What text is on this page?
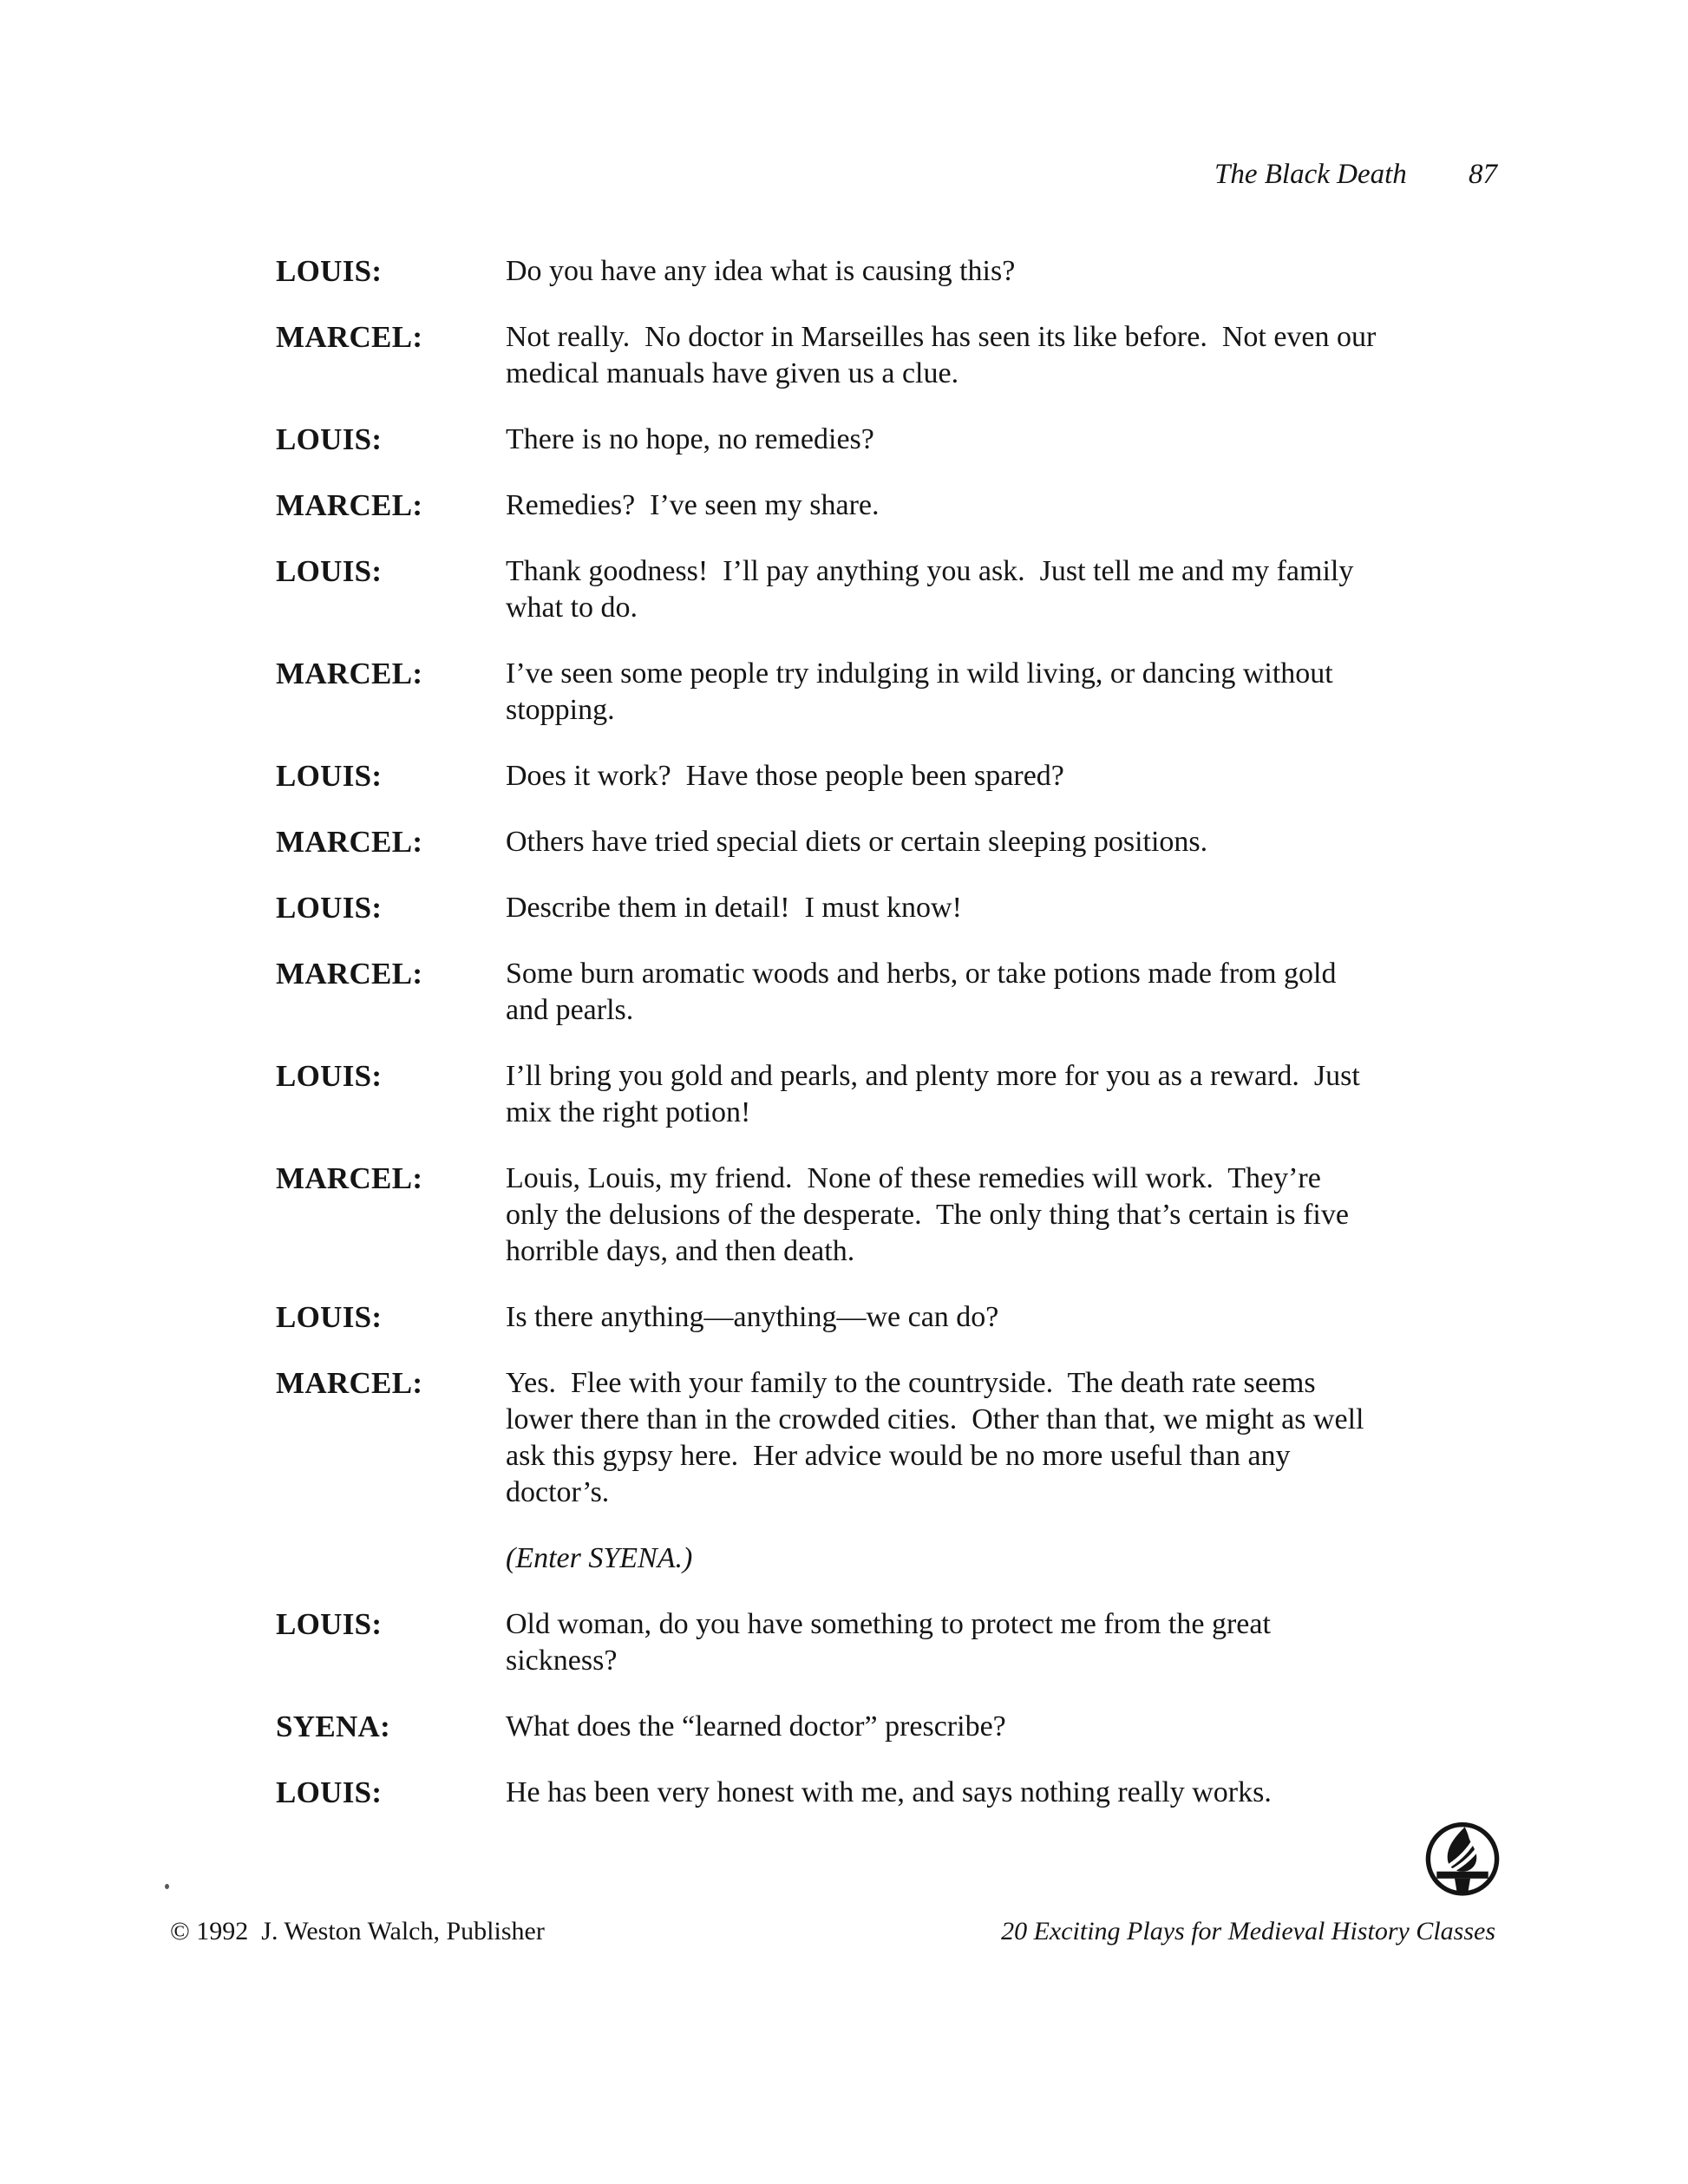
The Black Death 87
LOUIS:	Do you have any idea what is causing this?
MARCEL:	Not really.  No doctor in Marseilles has seen its like before.  Not even our medical manuals have given us a clue.
LOUIS:	There is no hope, no remedies?
MARCEL:	Remedies?  I’ve seen my share.
LOUIS:	Thank goodness!  I’ll pay anything you ask.  Just tell me and my family what to do.
MARCEL:	I’ve seen some people try indulging in wild living, or dancing without stopping.
LOUIS:	Does it work?  Have those people been spared?
MARCEL:	Others have tried special diets or certain sleeping positions.
LOUIS:	Describe them in detail!  I must know!
MARCEL:	Some burn aromatic woods and herbs, or take potions made from gold and pearls.
LOUIS:	I’ll bring you gold and pearls, and plenty more for you as a reward.  Just mix the right potion!
MARCEL:	Louis, Louis, my friend.  None of these remedies will work.  They’re only the delusions of the desperate.  The only thing that’s certain is five horrible days, and then death.
LOUIS:	Is there anything—anything—we can do?
MARCEL:	Yes.  Flee with your family to the countryside.  The death rate seems lower there than in the crowded cities.  Other than that, we might as well ask this gypsy here.  Her advice would be no more useful than any doctor’s.
(Enter SYENA.)
LOUIS:	Old woman, do you have something to protect me from the great sickness?
SYENA:	What does the “learned doctor” prescribe?
LOUIS:	He has been very honest with me, and says nothing really works.
© 1992  J. Weston Walch, Publisher	20 Exciting Plays for Medieval History Classes
